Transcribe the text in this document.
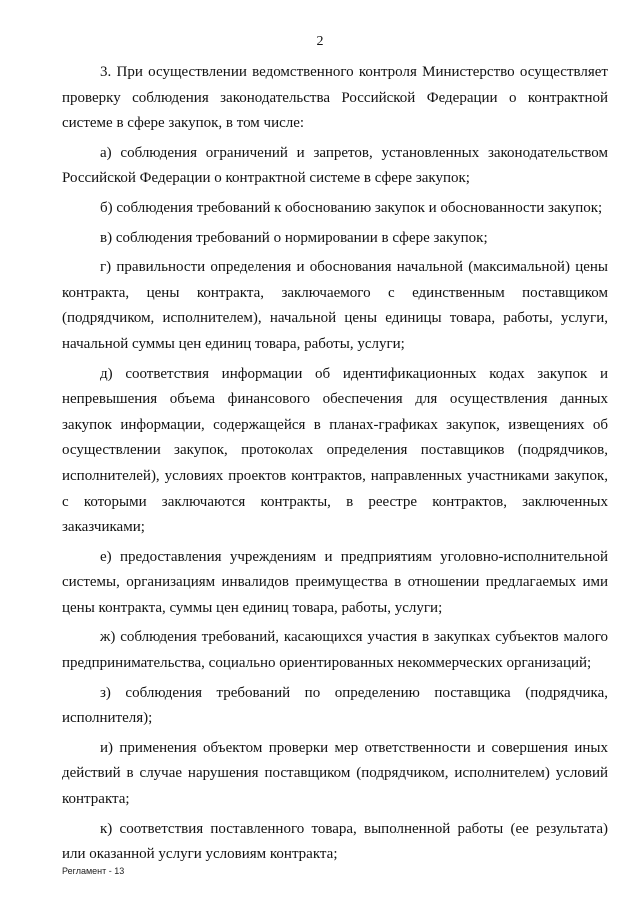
2

3. При осуществлении ведомственного контроля Министерство осуществляет проверку соблюдения законодательства Российской Федерации о контрактной системе в сфере закупок, в том числе:

а) соблюдения ограничений и запретов, установленных законодательством Российской Федерации о контрактной системе в сфере закупок;

б) соблюдения требований к обоснованию закупок и обоснованности закупок;

в) соблюдения требований о нормировании в сфере закупок;

г) правильности определения и обоснования начальной (максимальной) цены контракта, цены контракта, заключаемого с единственным поставщиком (подрядчиком, исполнителем), начальной цены единицы товара, работы, услуги, начальной суммы цен единиц товара, работы, услуги;

д) соответствия информации об идентификационных кодах закупок и непревышения объема финансового обеспечения для осуществления данных закупок информации, содержащейся в планах-графиках закупок, извещениях об осуществлении закупок, протоколах определения поставщиков (подрядчиков, исполнителей), условиях проектов контрактов, направленных участниками закупок, с которыми заключаются контракты, в реестре контрактов, заключенных заказчиками;

е) предоставления учреждениям и предприятиям уголовно-исполнительной системы, организациям инвалидов преимущества в отношении предлагаемых ими цены контракта, суммы цен единиц товара, работы, услуги;

ж) соблюдения требований, касающихся участия в закупках субъектов малого предпринимательства, социально ориентированных некоммерческих организаций;

з) соблюдения требований по определению поставщика (подрядчика, исполнителя);

и) применения объектом проверки мер ответственности и совершения иных действий в случае нарушения поставщиком (подрядчиком, исполнителем) условий контракта;

к) соответствия поставленного товара, выполненной работы (ее результата) или оказанной услуги условиям контракта;

Регламент - 13
